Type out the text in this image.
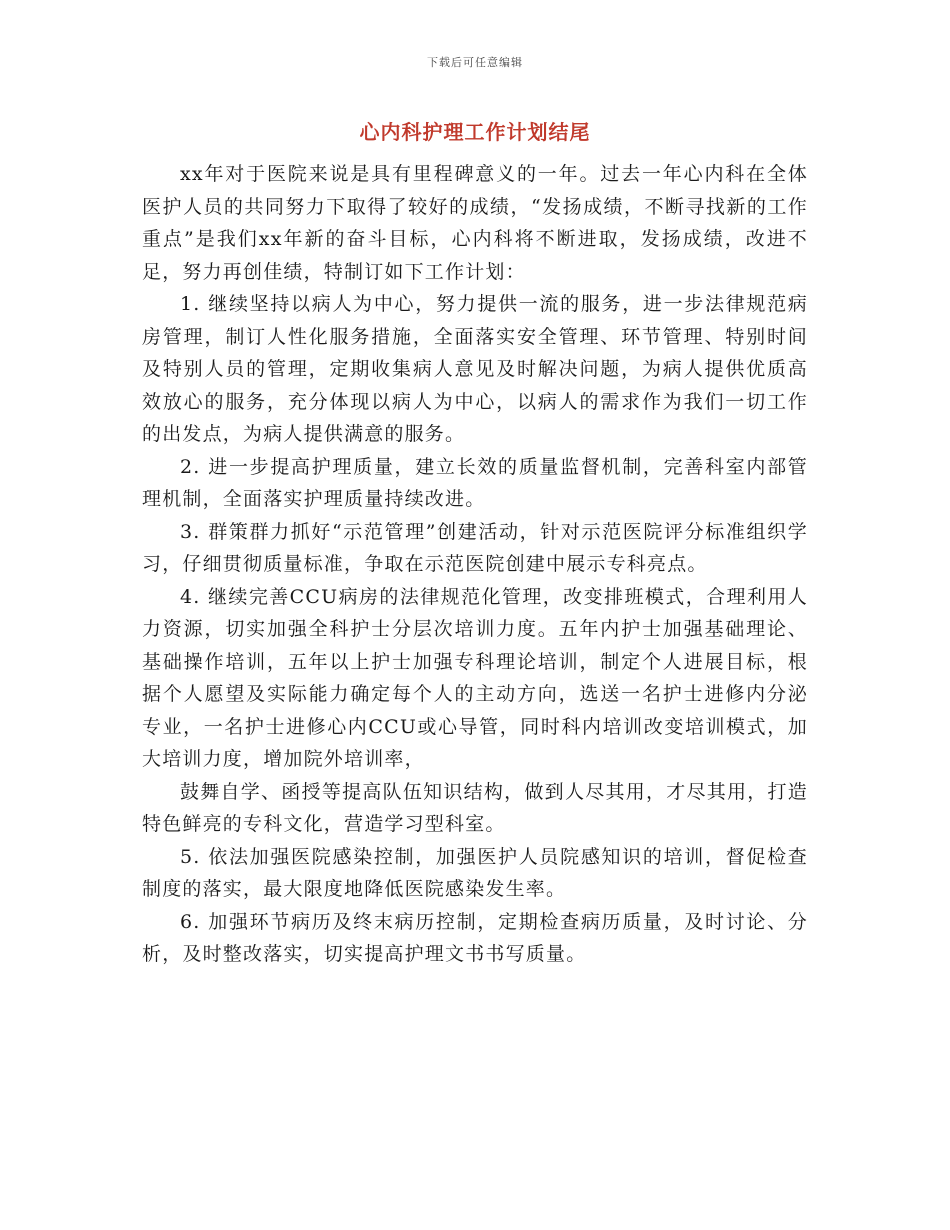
下载后可任意编辑
心内科护理工作计划结尾

xx年对于医院来说是具有里程碑意义的一年。过去一年心内科在全体医护人员的共同努力下取得了较好的成绩，“发扬成绩，不断寻找新的工作重点”是我们xx年新的奋斗目标，心内科将不断进取，发扬成绩，改进不足，努力再创佳绩，特制订如下工作计划：

1. 继续坚持以病人为中心，努力提供一流的服务，进一步法律规范病房管理，制订人性化服务措施，全面落实安全管理、环节管理、特别时间及特别人员的管理，定期收集病人意见及时解决问题，为病人提供优质高效放心的服务，充分体现以病人为中心，以病人的需求作为我们一切工作的出发点，为病人提供满意的服务。

2. 进一步提高护理质量，建立长效的质量监督机制，完善科室内部管理机制，全面落实护理质量持续改进。

3. 群策群力抓好“示范管理”创建活动，针对示范医院评分标准组织学习，仔细贯彻质量标准，争取在示范医院创建中展示专科亮点。

4. 继续完善CCU病房的法律规范化管理，改变排班模式，合理利用人力资源，切实加强全科护士分层次培训力度。五年内护士加强基础理论、基础操作培训，五年以上护士加强专科理论培训，制定个人进展目标，根据个人愿望及实际能力确定每个人的主动方向，选送一名护士进修内分泌专业，一名护士进修心内CCU或心导管，同时科内培训改变培训模式，加大培训力度，增加院外培训率，

鼓舞自学、函授等提高队伍知识结构，做到人尽其用，才尽其用，打造特色鲜亮的专科文化，营造学习型科室。

5. 依法加强医院感染控制，加强医护人员院感知识的培训，督促检查制度的落实，最大限度地降低医院感染发生率。

6. 加强环节病历及终末病历控制，定期检查病历质量，及时讨论、分析，及时整改落实，切实提高护理文书书写质量。
